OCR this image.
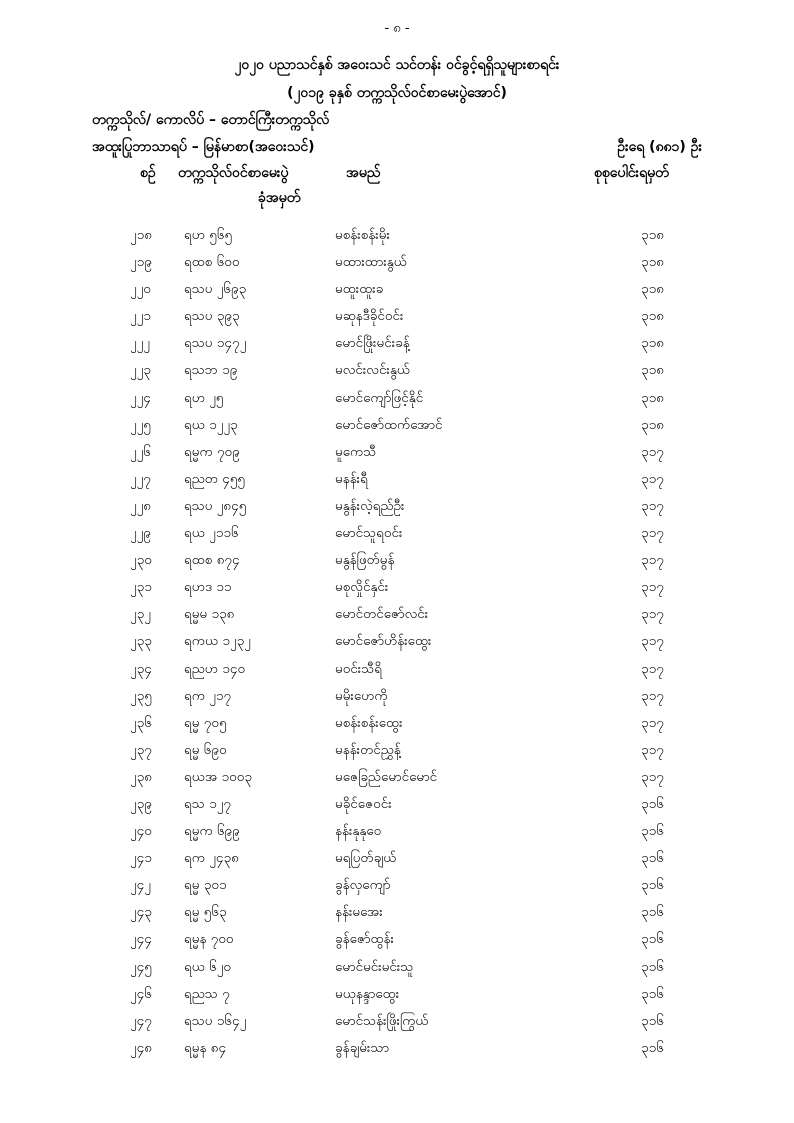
- ၈ -
၂၀၂၀ ပညာသင်နှစ် အဝေးသင် သင်တန်း ဝင်ခွင့်ရရှိသူများစာရင်း
(၂၀၁၉ ခုနှစ် တက္ကသိုလ်ဝင်စာမေးပွဲအောင်)
တက္ကသိုလ်/ ကောလိပ် – တောင်ကြီးတက္ကသိုလ်
အထူးပြုဘာသာရပ် – မြန်မာစာ(အဝေးသင်)	ဦးရေ (၈၈၁) ဦး
စဉ် တက္ကသိုလ်ဝင်စာမေးပွဲ	အမည်	စုစုပေါင်းရမှတ်
ခုံအမှတ်
၂၁၈ ရဟ ၅၆၅	မစန်းစန်းမိုး	၃၁၈
၂၁၉ ရထစ ၆၀၀	မထားထားနွယ်	၃၁၈
၂၂၀ ရသပ ၂၆၉၃	မထူးထူးခ	၃၁၈
၂၂၁ ရသပ ၃၉၃	မဆုနဒီခိုင်ဝင်း	၃၁၈
၂၂၂	ရသပ ၁၄၇၂	မောင်ဖြိုးမင်းခန့်	၃၁၈
၂၂၃ ရသဘ ၁၉	မလင်းလင်းနွယ်	၃၁၈
၂၂၄ ရဟ ၂၅	မောင်ကျော်ဖြင့်နိုင်	၃၁၈
၂၂၅ ရယ ၁၂၂၃	မောင်ဇော်ထက်အောင်	၃၁၈
၂၂၆ ရမ္မက ၇၀၉	မူကေသီ	၃၁၇
၂၂၇ ရညတ ၄၅၅	မနန်းရီ	၃၁၇
၂၂၈ ရသပ ၂၈၄၅	မနွန်းလဲ့ရည်ဦး	၃၁၇
၂၂၉ ရယ ၂၁၁၆	မောင်သူရဝင်း	၃၁၇
၂၃၀ ရထစ ၈၇၄	မနွန်ဖြတ်မွန်	၃၁၇
၂၃၁ ရဟဒ ၁၁	မစုလှိုင်နှင်း	၃၁၇
၂၃၂ ရမ္မမ ၁၃၈	မောင်တင်ဇော်လင်း	၃၁၇
၂၃၃ ရကယ ၁၂၃၂	မောင်ဇော်ဟိန်းထွေး	၃၁၇
၂၃၄ ရညဟ ၁၄၀	မဝင်းသီရိ	၃၁၇
၂၃၅ ရက ၂၁၇	မမိုးဟေကို	၃၁၇
၂၃၆ ရမ္မ ၇၀၅	မစန်းစန်းထွေး	၃၁၇
၂၃၇ ရမ္မ ၆၉၀	မနန်းတင်ညွှန့်	၃၁၇
၂၃၈ ရယအ ၁၀၀၃	မဇေခြည်မောင်မောင်	၃၁၇
၂၃၉ ရသ ၁၂၇	မခိုင်ဇေဝင်း	၃၁၆
၂၄၀ ရမ္မက ၆၉၉	နန်းနုနုဝေ	၃၁၆
၂၄၁ ရက ၂၄၃၈	မရပြတ်ချယ်	၃၁၆
၂၄၂ ရမ္မ ၃၀၁	ခွန်လှကျော်	၃၁၆
၂၄၃ ရမ္မ ၅၆၃	နန်းမအေး	၃၁၆
၂၄၄ ရမ္မန ၇၀၀	ခွန်ဇော်ထွန်း	၃၁၆
၂၄၅ ရယ ၆၂၀	မောင်မင်းမင်းသူ	၃၁၆
၂၄၆ ရညသ ၇	မယုနန္ဒာထွေး	၃၁၆
၂၄၇ ရသပ ၁၆၄၂	မောင်သန်းဖြိုးကြွယ်	၃၁၆
၂၄၈ ရမ္မန ၈၄	ခွန်ချမ်းသာ	၃၁၆
